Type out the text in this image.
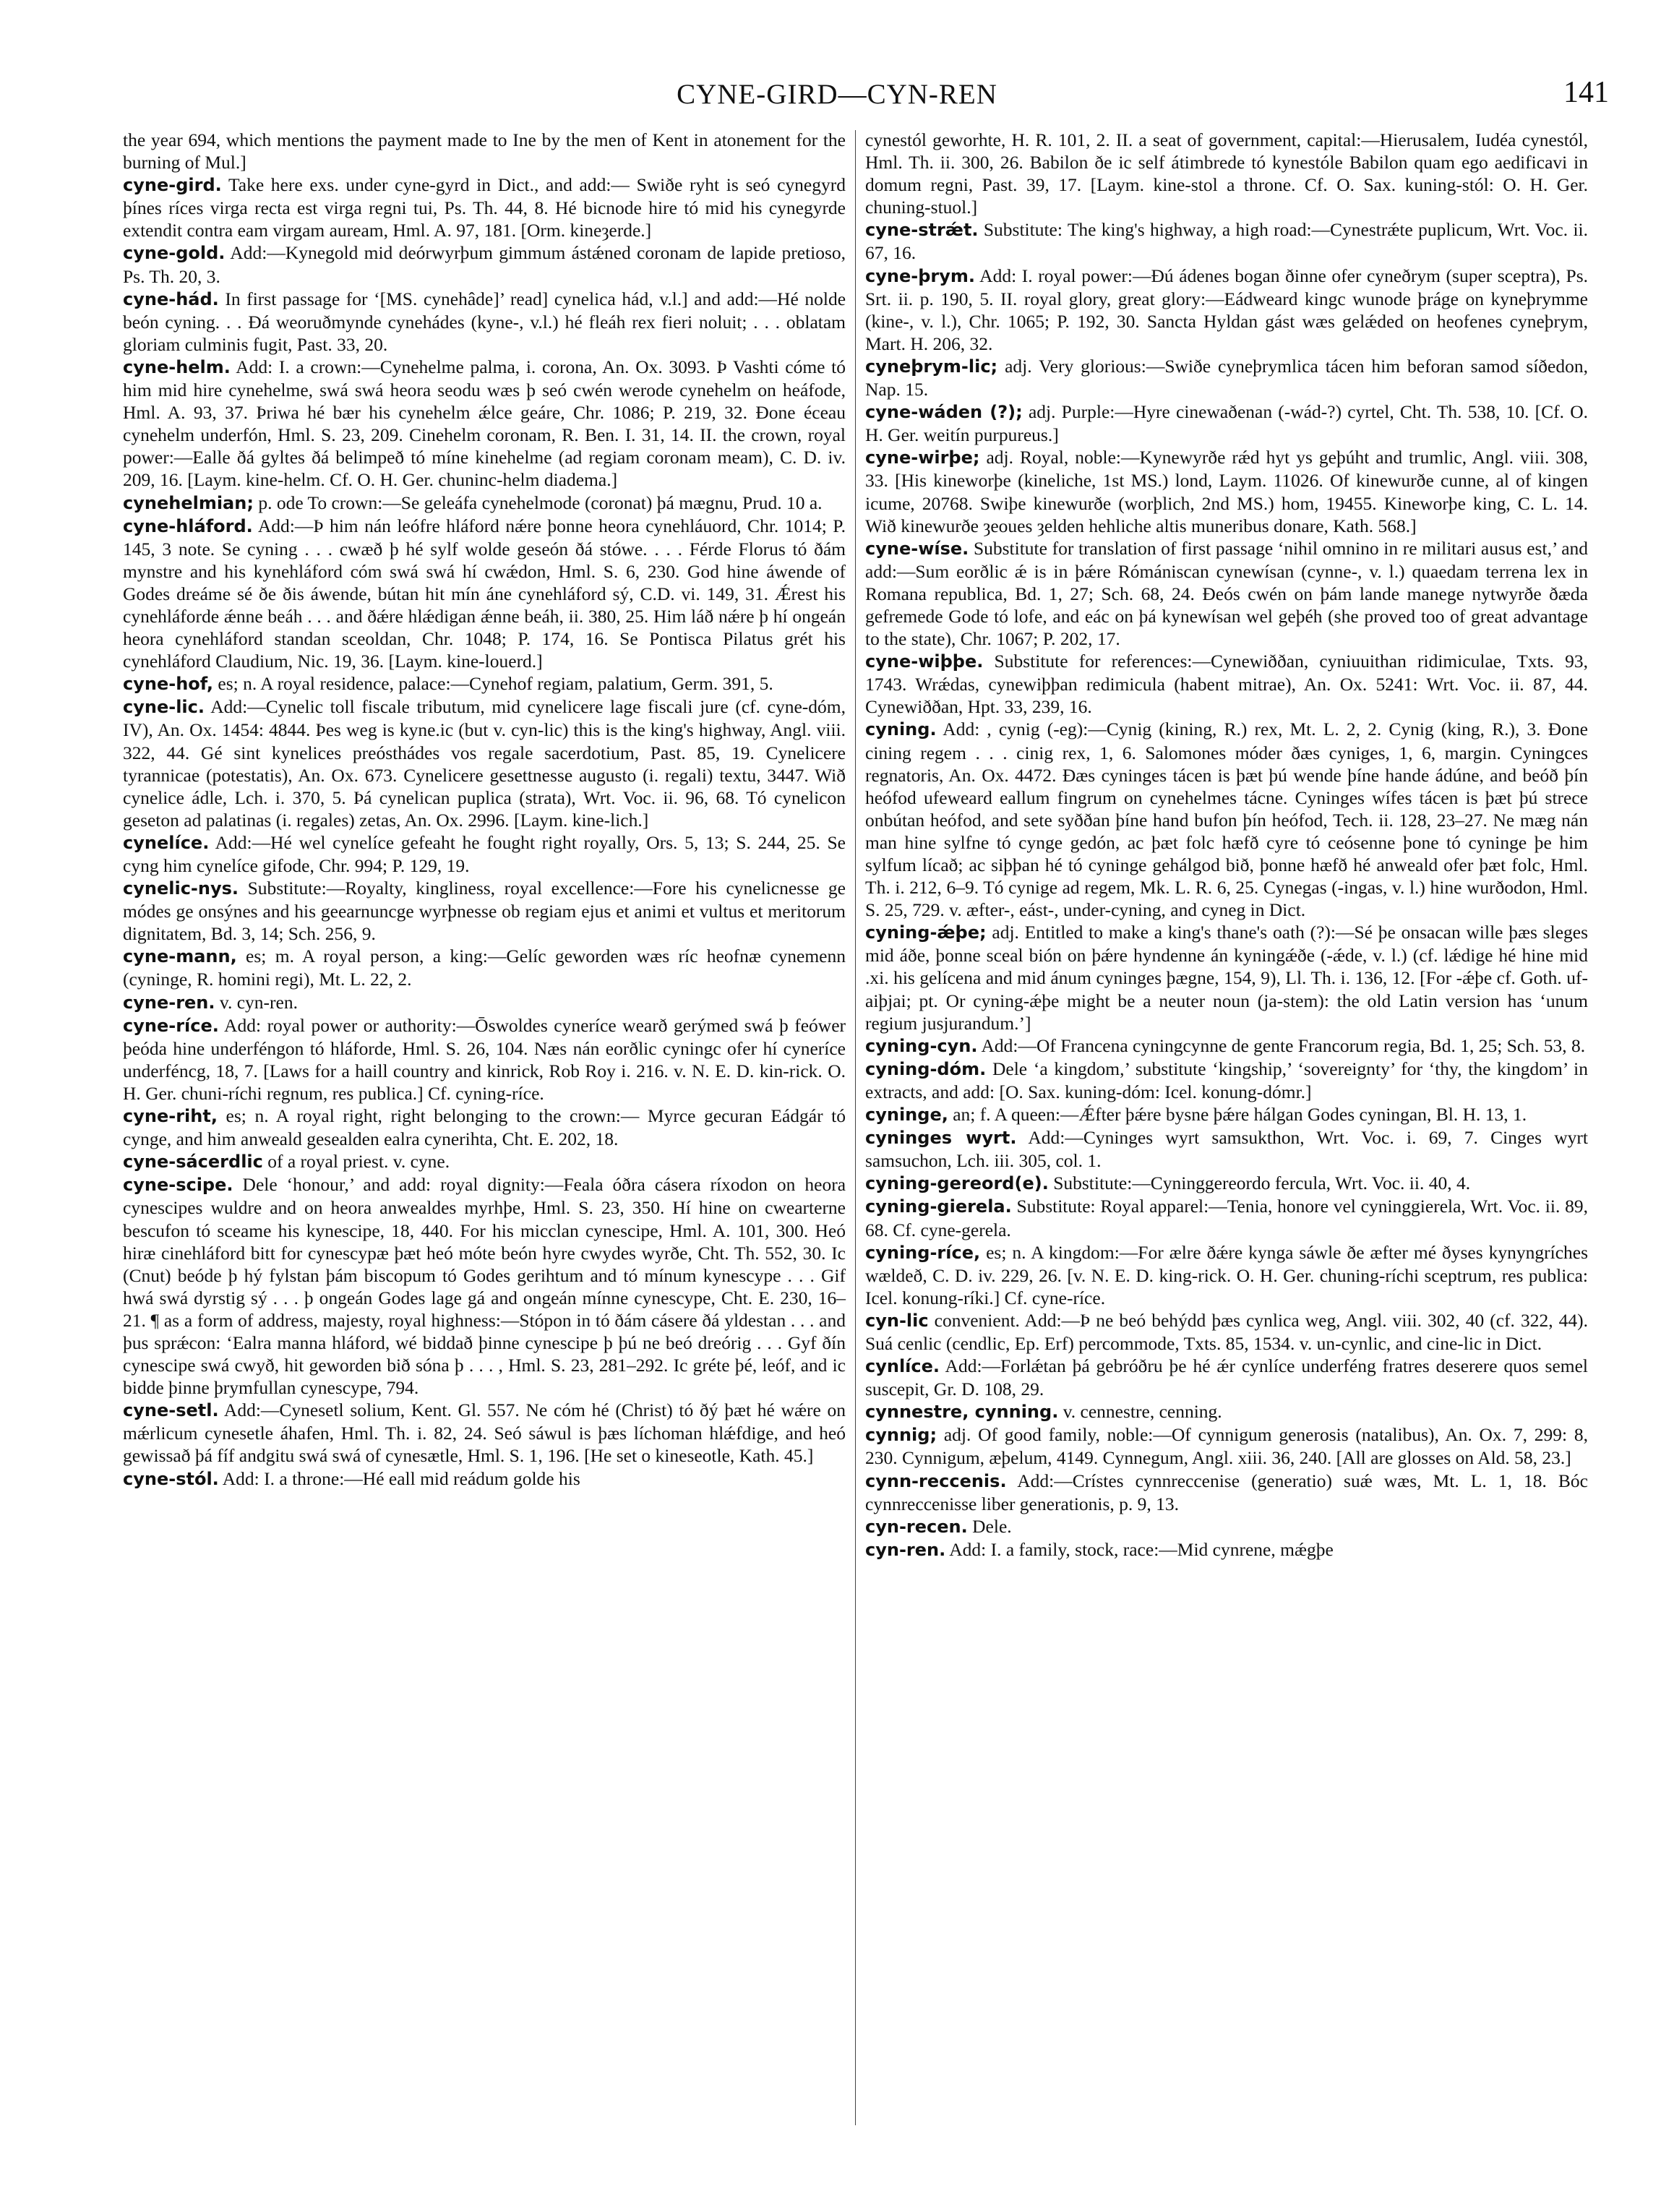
CYNE-GIRD—CYN-REN	141

the year 694, which mentions the payment made to Ine by the men of Kent in atonement for the burning of Mul.]

cyne-gird. Take here exs. under cyne-gyrd in Dict., and add:— Swiðe ryht is seó cynegyrd þínes ríces virga recta est virga regni tui, Ps. Th. 44, 8. Hé bicnode hire tó mid his cynegyrde extendit contra eam virgam auream, Hml. A. 97, 181. [Orm. kineȝerde.]

cyne-gold. Add:—Kynegold mid deórwyrþum gimmum ástǽned coronam de lapide pretioso, Ps. Th. 20, 3.

cyne-hád. In first passage for ‘[MS. cynehâde]’ read] cynelica hád, v.l.] and add:—Hé nolde beón cyning. . . Ðá weoruðmynde cynehádes (kyne-, v.l.) hé fleáh rex fieri noluit; . . . oblatam gloriam culminis fugit, Past. 33, 20.

cyne-helm. Add: I. a crown:—Cynehelme palma, i. corona, An. Ox. 3093. Þ Vashti cóme tó him mid hire cynehelme, swá swá heora seodu wæs þ seó cwén werode cynehelm on heáfode, Hml. A. 93, 37. Þriwa hé bær his cynehelm ǽlce geáre, Chr. 1086; P. 219, 32. Ðone éceau cynehelm underfón, Hml. S. 23, 209. Cinehelm coronam, R. Ben. I. 31, 14. II. the crown, royal power:—Ealle ðá gyltes ðá belimpeð tó míne kinehelme (ad regiam coronam meam), C. D. iv. 209, 16. [Laym. kine-helm. Cf. O. H. Ger. chuninc-helm diadema.]

cynehelmian; p. ode To crown:—Se geleáfa cynehelmode (coronat) þá mægnu, Prud. 10 a.

cyne-hláford. Add:—Þ him nán leófre hláford nǽre þonne heora cynehláuord, Chr. 1014; P. 145, 3 note. Se cyning . . . cwæð þ hé sylf wolde geseón ðá stówe. . . . Férde Florus tó ðám mynstre and his kynehláford cóm swá swá hí cwǽdon, Hml. S. 6, 230. God hine áwende of Godes dreáme sé ðe ðis áwende, bútan hit mín áne cynehláford sý, C.D. vi. 149, 31. Ǽrest his cynehláforde ǽnne beáh . . . and ðǽre hlǽdigan ǽnne beáh, ii. 380, 25. Him láð nǽre þ hí ongeán heora cynehláford standan sceoldan, Chr. 1048; P. 174, 16. Se Pontisca Pilatus grét his cynehláford Claudium, Nic. 19, 36. [Laym. kine-louerd.]

cyne-hof, es; n. A royal residence, palace:—Cynehof regiam, palatium, Germ. 391, 5.

cyne-lic. Add:—Cynelic toll fiscale tributum, mid cynelicere lage fiscali jure (cf. cyne-dóm, IV), An. Ox. 1454: 4844. Þes weg is kyne.ic (but v. cyn-lic) this is the king's highway, Angl. viii. 322, 44. Gé sint kynelices preósthádes vos regale sacerdotium, Past. 85, 19. Cynelicere tyrannicae (potestatis), An. Ox. 673. Cynelicere gesettnesse augusto (i. regali) textu, 3447. Wið cynelice ádle, Lch. i. 370, 5. Þá cynelican puplica (strata), Wrt. Voc. ii. 96, 68. Tó cynelicon geseton ad palatinas (i. regales) zetas, An. Ox. 2996. [Laym. kine-lich.]

cynelíce. Add:—Hé wel cynelíce gefeaht he fought right royally, Ors. 5, 13; S. 244, 25. Se cyng him cynelíce gifode, Chr. 994; P. 129, 19.

cynelic-nys. Substitute:—Royalty, kingliness, royal excellence:—Fore his cynelicnesse ge módes ge onsýnes and his geearnuncge wyrþnesse ob regiam ejus et animi et vultus et meritorum dignitatem, Bd. 3, 14; Sch. 256, 9.

cyne-mann, es; m. A royal person, a king:—Gelíc geworden wæs ríc heofnæ cynemenn (cyninge, R. homini regi), Mt. L. 22, 2.

cyne-ren. v. cyn-ren.

cyne-ríce. Add: royal power or authority:—Ōswoldes cyneríce wearð gerýmed swá þ feówer þeóda hine underféngon tó hláforde, Hml. S. 26, 104. Næs nán eorðlic cyningc ofer hí cyneríce underféncg, 18, 7. [Laws for a haill country and kinrick, Rob Roy i. 216. v. N. E. D. kin-rick. O. H. Ger. chuni-ríchi regnum, res publica.] Cf. cyning-ríce.

cyne-riht, es; n. A royal right, right belonging to the crown:— Myrce gecuran Eádgár tó cynge, and him anweald gesealden ealra cynerihta, Cht. E. 202, 18.

cyne-sácerdlic of a royal priest. v. cyne.

cyne-scipe. Dele ‘honour,’ and add: royal dignity:—Feala óðra cásera ríxodon on heora cynescipes wuldre and on heora anwealdes myrhþe, Hml. S. 23, 350. Hí hine on cwearterne bescufon tó sceame his kynescipe, 18, 440. For his micclan cynescipe, Hml. A. 101, 300. Heó hiræ cinehláford bitt for cynescypæ þæt heó móte beón hyre cwydes wyrðe, Cht. Th. 552, 30. Ic (Cnut) beóde þ hý fylstan þám biscopum tó Godes gerihtum and tó mínum kynescype . . . Gif hwá swá dyrstig sý . . . þ ongeán Godes lage gá and ongeán mínne cynescype, Cht. E. 230, 16–21. ¶ as a form of address, majesty, royal highness:—Stópon in tó ðám cásere ðá yldestan . . . and þus sprǽcon: ‘Ealra manna hláford, wé biddað þinne cynescipe þ þú ne beó dreórig . . . Gyf ðín cynescipe swá cwyð, hit geworden bið sóna þ . . . , Hml. S. 23, 281–292. Ic gréte þé, leóf, and ic bidde þinne þrymfullan cynescype, 794.

cyne-setl. Add:—Cynesetl solium, Kent. Gl. 557. Ne cóm hé (Christ) tó ðý þæt hé wǽre on mǽrlicum cynesetle áhafen, Hml. Th. i. 82, 24. Seó sáwul is þæs líchoman hlǽfdige, and heó gewissað þá fíf andgitu swá swá of cynesætle, Hml. S. 1, 196. [He set o kineseotle, Kath. 45.]

cyne-stól. Add: I. a throne:—Hé eall mid reádum golde his

cynestól geworhte, H. R. 101, 2. II. a seat of government, capital:—Hierusalem, Iudéa cynestól, Hml. Th. ii. 300, 26. Babilon ðe ic self átimbrede tó kynestóle Babilon quam ego aedificavi in domum regni, Past. 39, 17. [Laym. kine-stol a throne. Cf. O. Sax. kuning-stól: O. H. Ger. chuning-stuol.]

cyne-strǽt. Substitute: The king's highway, a high road:—Cynestrǽte puplicum, Wrt. Voc. ii. 67, 16.

cyne-þrym. Add: I. royal power:—Ðú ádenes bogan ðinne ofer cyneðrym (super sceptra), Ps. Srt. ii. p. 190, 5. II. royal glory, great glory:—Eádweard kingc wunode þráge on kyneþrymme (kine-, v. l.), Chr. 1065; P. 192, 30. Sancta Hyldan gást wæs gelǽded on heofenes cyneþrym, Mart. H. 206, 32.

cyneþrym-lic; adj. Very glorious:—Swiðe cyneþrymlica tácen him beforan samod síðedon, Nap. 15.

cyne-wáden (?); adj. Purple:—Hyre cinewaðenan (-wád-?) cyrtel, Cht. Th. 538, 10. [Cf. O. H. Ger. weitín purpureus.]

cyne-wirþe; adj. Royal, noble:—Kynewyrðe rǽd hyt ys geþúht and trumlic, Angl. viii. 308, 33. [His kineworþe (kineliche, 1st MS.) lond, Laym. 11026. Of kinewurðe cunne, al of kingen icume, 20768. Swiþe kinewurðe (worþlich, 2nd MS.) hom, 19455. Kineworþe king, C. L. 14. Wið kinewurðe ȝeoues ȝelden hehliche altis muneribus donare, Kath. 568.]

cyne-wíse. Substitute for translation of first passage ‘nihil omnino in re militari ausus est,’ and add:—Sum eorðlic ǽ is in þǽre Rómániscan cynewísan (cynne-, v. l.) quaedam terrena lex in Romana republica, Bd. 1, 27; Sch. 68, 24. Ðeós cwén on þám lande manege nytwyrðe ðæda gefremede Gode tó lofe, and eác on þá kynewísan wel geþéh (she proved too of great advantage to the state), Chr. 1067; P. 202, 17.

cyne-wiþþe. Substitute for references:—Cynewiððan, cyniuuithan ridimiculae, Txts. 93, 1743. Wrǽdas, cynewiþþan redimicula (habent mitrae), An. Ox. 5241: Wrt. Voc. ii. 87, 44. Cynewiððan, Hpt. 33, 239, 16.

cyning. Add: , cynig (-eg):—Cynig (kining, R.) rex, Mt. L. 2, 2. Cynig (king, R.), 3. Ðone cining regem . . . cinig rex, 1, 6. Salomones móder ðæs cyniges, 1, 6, margin. Cyningces regnatoris, An. Ox. 4472. Ðæs cyninges tácen is þæt þú wende þíne hande ádúne, and beóð þín heófod ufeweard eallum fingrum on cynehelmes tácne. Cyninges wífes tácen is þæt þú strece onbútan heófod, and sete syððan þíne hand bufon þín heófod, Tech. ii. 128, 23–27. Ne mæg nán man hine sylfne tó cynge gedón, ac þæt folc hæfð cyre tó ceósenne þone tó cyninge þe him sylfum lícað; ac siþþan hé tó cyninge gehálgod bið, þonne hæfð hé anweald ofer þæt folc, Hml. Th. i. 212, 6–9. Tó cynige ad regem, Mk. L. R. 6, 25. Cynegas (-ingas, v. l.) hine wurðodon, Hml. S. 25, 729. v. æfter-, eást-, under-cyning, and cyneg in Dict.

cyning-ǽþe; adj. Entitled to make a king's thane's oath (?):—Sé þe onsacan wille þæs sleges mid áðe, þonne sceal bión on þǽre hyndenne án kyningǽðe (-ǽde, v. l.) (cf. lǽdige hé hine mid .xi. his gelícena and mid ánum cyninges þægne, 154, 9), Ll. Th. i. 136, 12. [For -ǽþe cf. Goth. uf-aiþjai; pt. Or cyning-ǽþe might be a neuter noun (ja-stem): the old Latin version has ‘unum regium jusjurandum.’]

cyning-cyn. Add:—Of Francena cyningcynne de gente Francorum regia, Bd. 1, 25; Sch. 53, 8.

cyning-dóm. Dele ‘a kingdom,’ substitute ‘kingship,’ ‘sovereignty’ for ‘thy, the kingdom’ in extracts, and add: [O. Sax. kuning-dóm: Icel. konung-dómr.]

cyninge, an; f. A queen:—Ǽfter þǽre bysne þǽre hálgan Godes cyningan, Bl. H. 13, 1.

cyninges wyrt. Add:—Cyninges wyrt samsukthon, Wrt. Voc. i. 69, 7. Cinges wyrt samsuchon, Lch. iii. 305, col. 1.

cyning-gereord(e). Substitute:—Cyninggereordo fercula, Wrt. Voc. ii. 40, 4.

cyning-gierela. Substitute: Royal apparel:—Tenia, honore vel cyninggierela, Wrt. Voc. ii. 89, 68. Cf. cyne-gerela.

cyning-ríce, es; n. A kingdom:—For ælre ðǽre kynga sáwle ðe æfter mé ðyses kynyngríches wældeð, C. D. iv. 229, 26. [v. N. E. D. king-rick. O. H. Ger. chuning-ríchi sceptrum, res publica: Icel. konung-ríki.] Cf. cyne-ríce.

cyn-lic convenient. Add:—Þ ne beó behýdd þæs cynlica weg, Angl. viii. 302, 40 (cf. 322, 44). Suá cenlic (cendlic, Ep. Erf) percommode, Txts. 85, 1534. v. un-cynlic, and cine-lic in Dict.

cynlíce. Add:—Forlǽtan þá gebróðru þe hé ǽr cynlíce underféng fratres deserere quos semel suscepit, Gr. D. 108, 29.

cynnestre, cynning. v. cennestre, cenning.

cynnig; adj. Of good family, noble:—Of cynnigum generosis (natalibus), An. Ox. 7, 299: 8, 230. Cynnigum, æþelum, 4149. Cynnegum, Angl. xiii. 36, 240. [All are glosses on Ald. 58, 23.]

cynn-reccenis. Add:—Crístes cynnreccenise (generatio) suǽ wæs, Mt. L. 1, 18. Bóc cynnreccenisse liber generationis, p. 9, 13.

cyn-recen. Dele.

cyn-ren. Add: I. a family, stock, race:—Mid cynrene, mǽgþe
